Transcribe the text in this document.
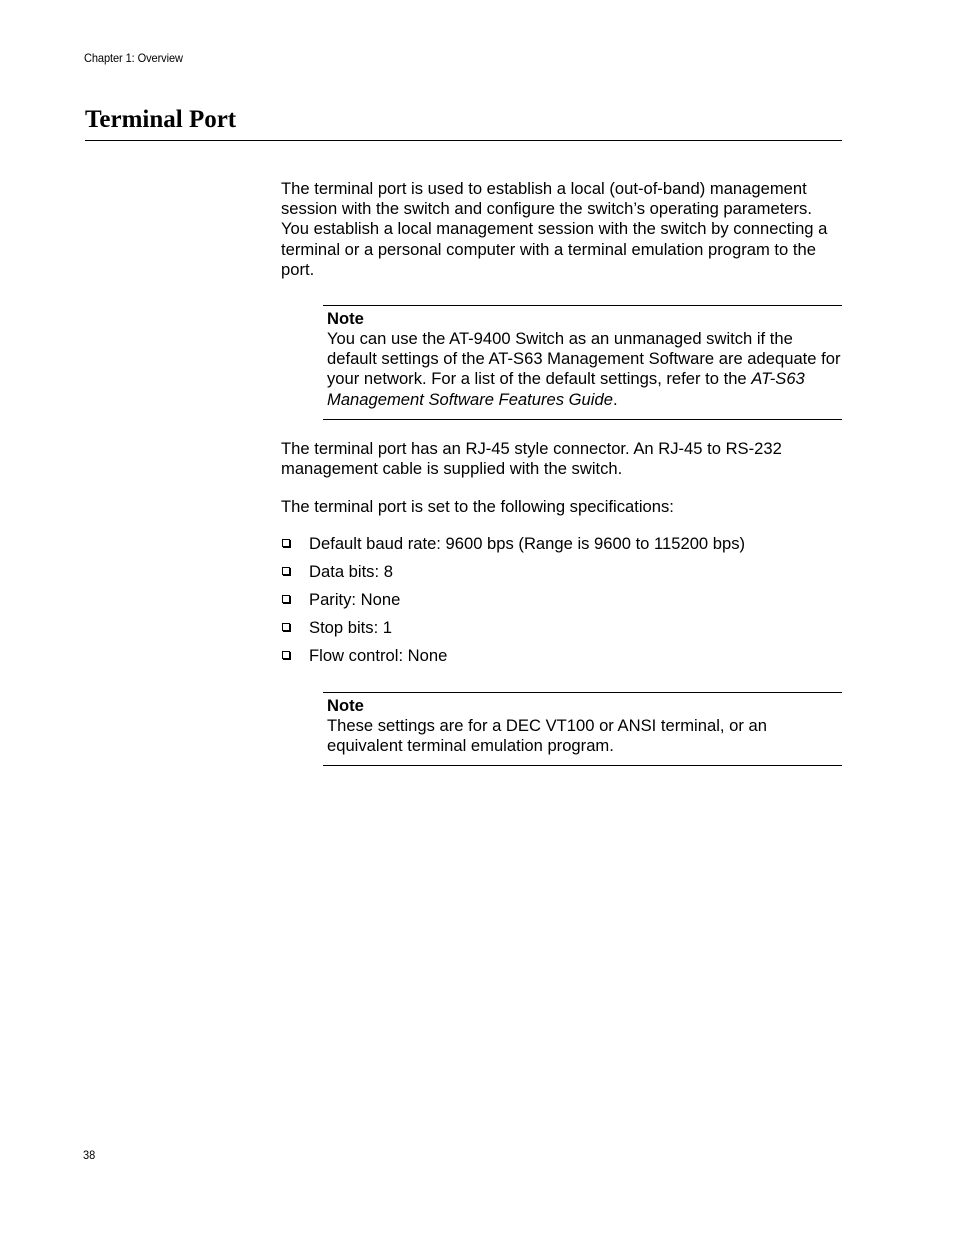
Chapter 1: Overview
Terminal Port

The terminal port is used to establish a local (out-of-band) management session with the switch and configure the switch’s operating parameters. You establish a local management session with the switch by connecting a terminal or a personal computer with a terminal emulation program to the port.

Note
You can use the AT-9400 Switch as an unmanaged switch if the default settings of the AT-S63 Management Software are adequate for your network. For a list of the default settings, refer to the AT-S63 Management Software Features Guide.

The terminal port has an RJ-45 style connector. An RJ-45 to RS-232 management cable is supplied with the switch.

The terminal port is set to the following specifications:

Default baud rate: 9600 bps (Range is 9600 to 115200 bps)
Data bits: 8
Parity: None
Stop bits: 1
Flow control: None
Note
These settings are for a DEC VT100 or ANSI terminal, or an equivalent terminal emulation program.
38
